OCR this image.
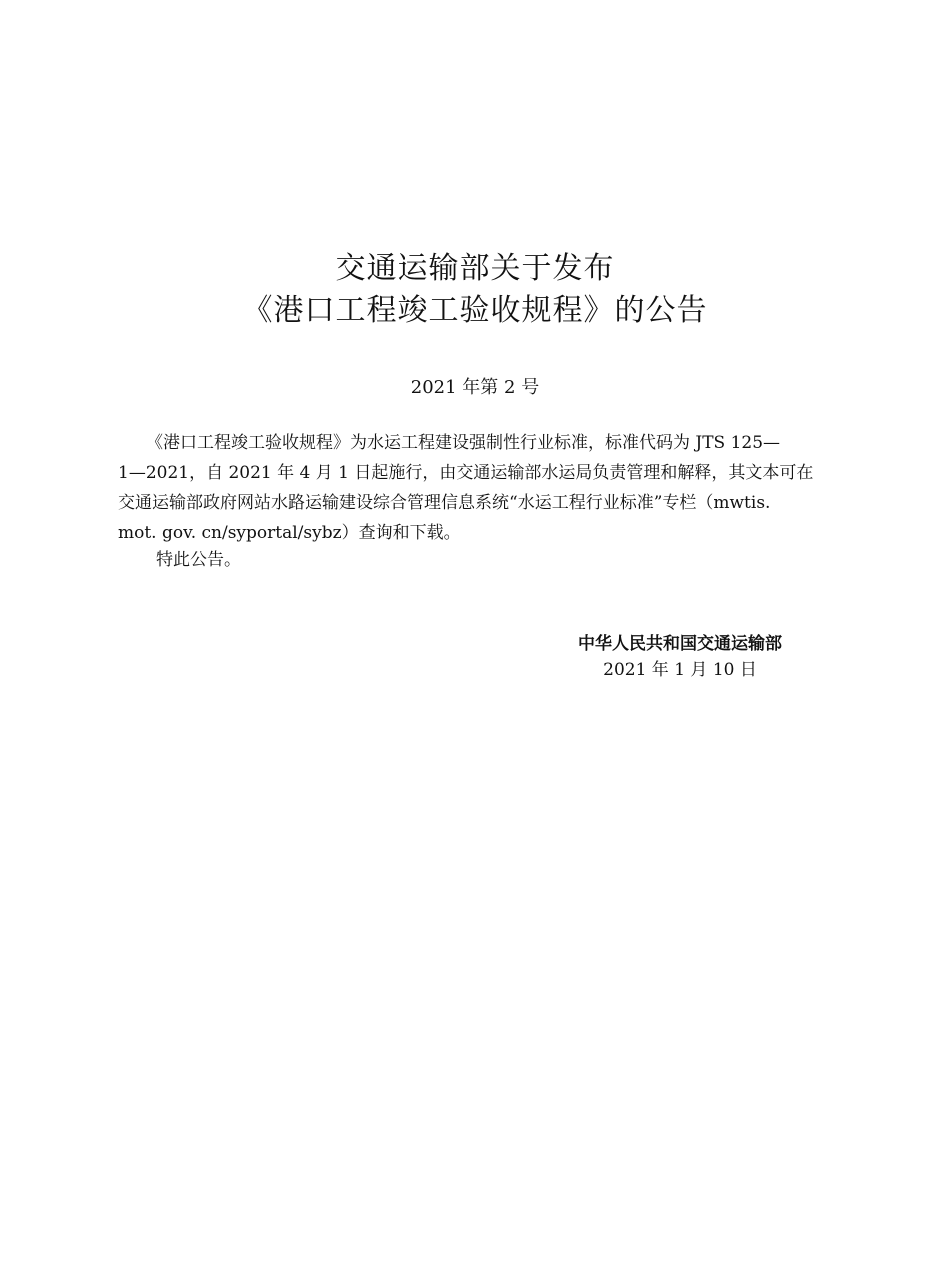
交通运输部关于发布
《港口工程竣工验收规程》的公告
2021 年第 2 号
《港口工程竣工验收规程》为水运工程建设强制性行业标准，标准代码为 JTS 125—
1—2021，自 2021 年 4 月 1 日起施行，由交通运输部水运局负责管理和解释，其文本可在
交通运输部政府网站水路运输建设综合管理信息系统“水运工程行业标准”专栏（mwtis.
mot. gov. cn/syportal/sybz）查询和下载。
特此公告。
中华人民共和国交通运输部
2021 年 1 月 10 日
